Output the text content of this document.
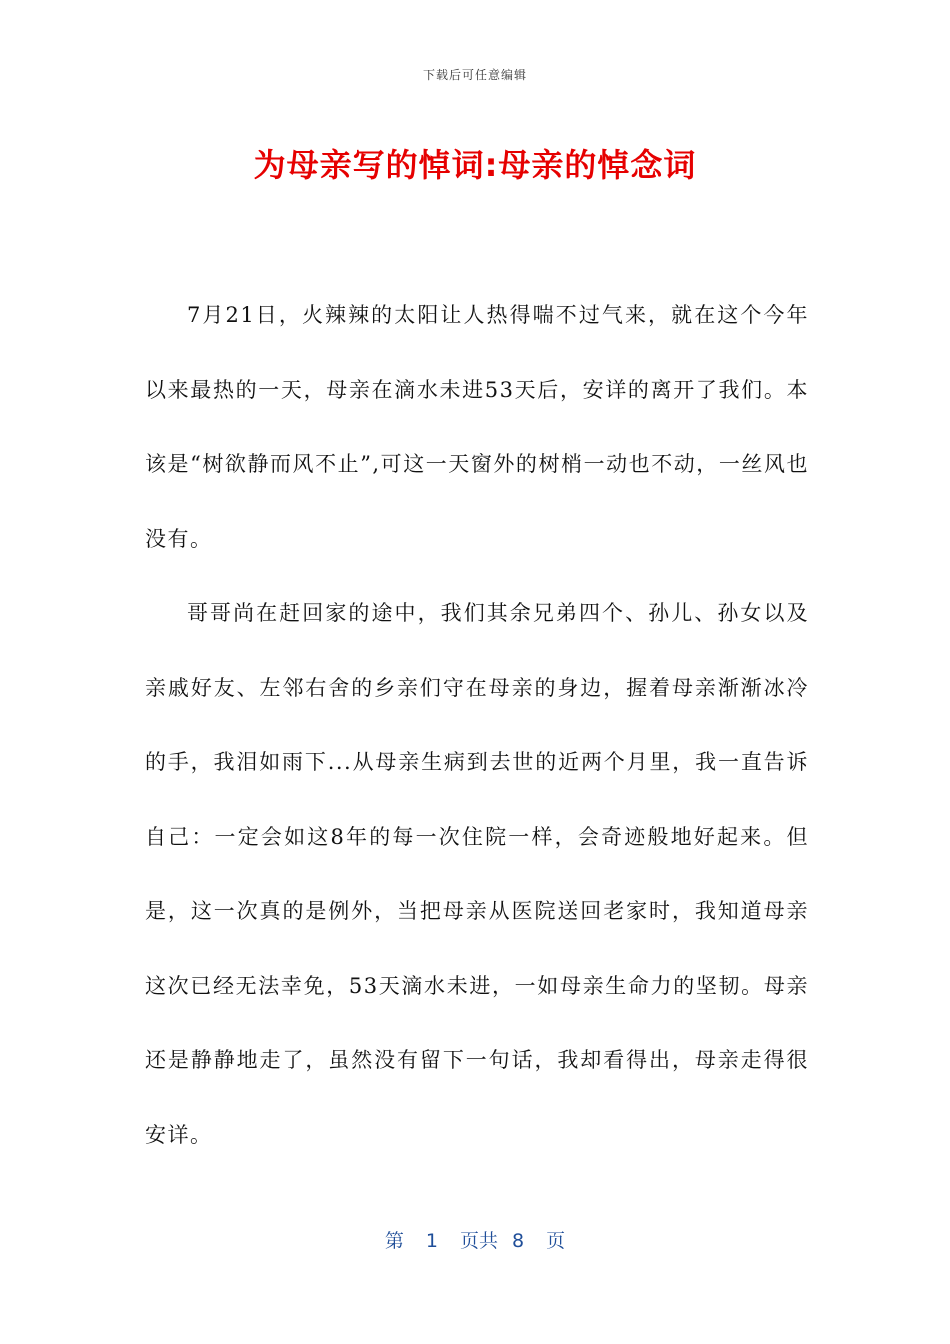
下载后可任意编辑
为母亲写的悼词:母亲的悼念词

7月21日，火辣辣的太阳让人热得喘不过气来，就在这个今年以来最热的一天，母亲在滴水未进53天后，安详的离开了我们。本该是“树欲静而风不止”,可这一天窗外的树梢一动也不动，一丝风也没有。

哥哥尚在赶回家的途中，我们其余兄弟四个、孙儿、孙女以及亲戚好友、左邻右舍的乡亲们守在母亲的身边，握着母亲渐渐冰冷的手，我泪如雨下...从母亲生病到去世的近两个月里，我一直告诉自己：一定会如这8年的每一次住院一样，会奇迹般地好起来。但是，这一次真的是例外，当把母亲从医院送回老家时，我知道母亲这次已经无法幸免，53天滴水未进，一如母亲生命力的坚韧。母亲还是静静地走了，虽然没有留下一句话，我却看得出，母亲走得很安详。

第 1 页共 8 页
